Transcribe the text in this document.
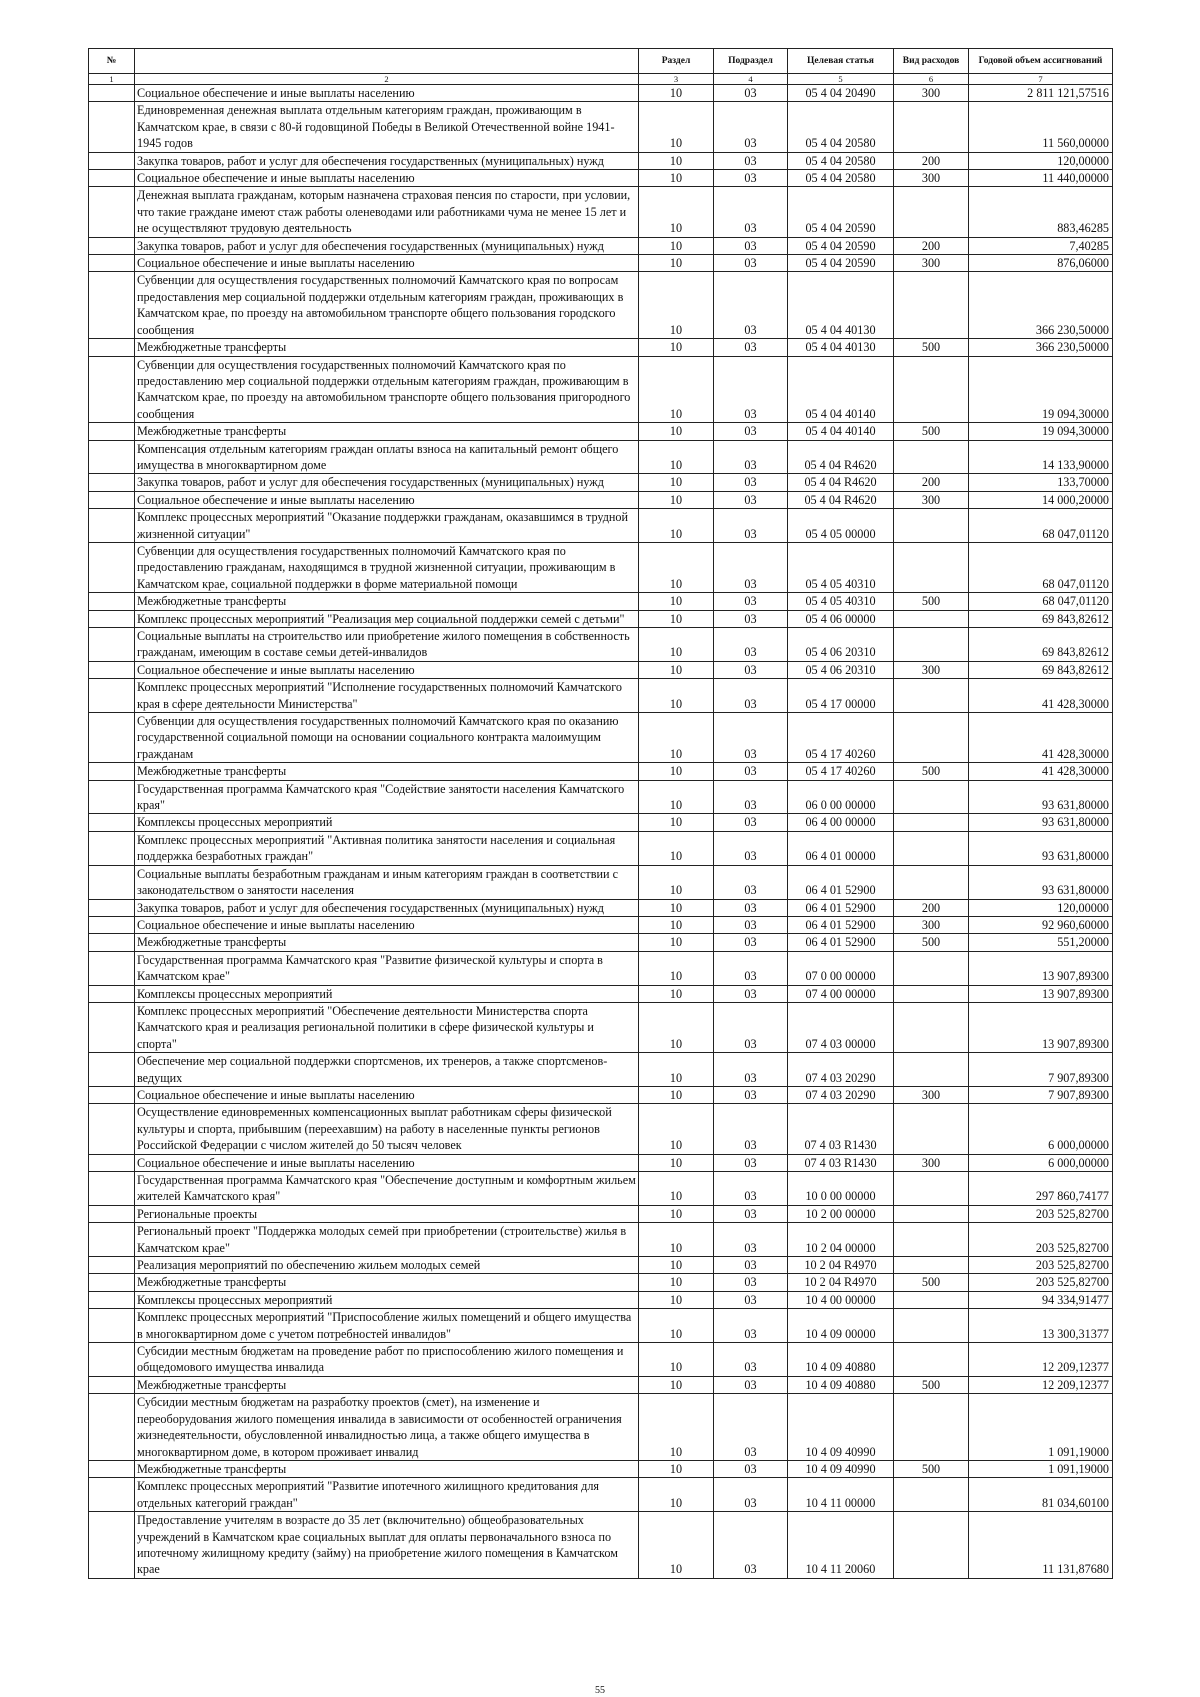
№		Раздел	Подраздел	Целевая статья	Вид расходов	Годовой объем ассигнований
1	2	3	4	5	6	7
	Социальное обеспечение и иные выплаты населению	10	03	05 4 04 20490	300	2 811 121,57516
	Единовременная денежная выплата отдельным категориям граждан, проживающим в Камчатском крае, в связи с 80-й годовщиной Победы в Великой Отечественной войне 1941-1945 годов	10	03	05 4 04 20580		11 560,00000
	Закупка товаров, работ и услуг для обеспечения государственных (муниципальных) нужд	10	03	05 4 04 20580	200	120,00000
	Социальное обеспечение и иные выплаты населению	10	03	05 4 04 20580	300	11 440,00000
	Денежная выплата гражданам, которым назначена страховая пенсия по старости, при условии, что такие граждане имеют стаж работы оленеводами или работниками чума не менее 15 лет и не осуществляют трудовую деятельность	10	03	05 4 04 20590		883,46285
	Закупка товаров, работ и услуг для обеспечения государственных (муниципальных) нужд	10	03	05 4 04 20590	200	7,40285
	Социальное обеспечение и иные выплаты населению	10	03	05 4 04 20590	300	876,06000
	Субвенции для осуществления государственных полномочий Камчатского края по вопросам предоставления мер социальной поддержки отдельным категориям граждан, проживающих в Камчатском крае, по проезду на автомобильном транспорте общего пользования городского сообщения	10	03	05 4 04 40130		366 230,50000
	Межбюджетные трансферты	10	03	05 4 04 40130	500	366 230,50000
	Субвенции для осуществления государственных полномочий Камчатского края по предоставлению мер социальной поддержки отдельным категориям граждан, проживающим в Камчатском крае, по проезду на автомобильном транспорте общего пользования пригородного сообщения	10	03	05 4 04 40140		19 094,30000
	Межбюджетные трансферты	10	03	05 4 04 40140	500	19 094,30000
	Компенсация отдельным категориям граждан оплаты взноса на капитальный ремонт общего имущества в многоквартирном доме	10	03	05 4 04 R4620		14 133,90000
	Закупка товаров, работ и услуг для обеспечения государственных (муниципальных) нужд	10	03	05 4 04 R4620	200	133,70000
	Социальное обеспечение и иные выплаты населению	10	03	05 4 04 R4620	300	14 000,20000
	Комплекс процессных мероприятий "Оказание поддержки гражданам, оказавшимся в трудной жизненной ситуации"	10	03	05 4 05 00000		68 047,01120
	Субвенции для осуществления государственных полномочий Камчатского края по предоставлению гражданам, находящимся в трудной жизненной ситуации, проживающим в Камчатском крае, социальной поддержки в форме материальной помощи	10	03	05 4 05 40310		68 047,01120
	Межбюджетные трансферты	10	03	05 4 05 40310	500	68 047,01120
	Комплекс процессных мероприятий "Реализация мер социальной поддержки семей с детьми"	10	03	05 4 06 00000		69 843,82612
	Социальные выплаты на строительство или приобретение жилого помещения в собственность гражданам, имеющим в составе семьи детей-инвалидов	10	03	05 4 06 20310		69 843,82612
	Социальное обеспечение и иные выплаты населению	10	03	05 4 06 20310	300	69 843,82612
	Комплекс процессных мероприятий "Исполнение государственных полномочий Камчатского края в сфере деятельности Министерства"	10	03	05 4 17 00000		41 428,30000
	Субвенции для осуществления государственных полномочий Камчатского края по оказанию государственной социальной помощи на основании социального контракта малоимущим гражданам	10	03	05 4 17 40260		41 428,30000
	Межбюджетные трансферты	10	03	05 4 17 40260	500	41 428,30000
	Государственная программа Камчатского края "Содействие занятости населения Камчатского края"	10	03	06 0 00 00000		93 631,80000
	Комплексы процессных мероприятий	10	03	06 4 00 00000		93 631,80000
	Комплекс процессных мероприятий "Активная политика занятости населения и социальная поддержка безработных граждан"	10	03	06 4 01 00000		93 631,80000
	Социальные выплаты безработным гражданам и иным категориям граждан в соответствии с законодательством о занятости населения	10	03	06 4 01 52900		93 631,80000
	Закупка товаров, работ и услуг для обеспечения государственных (муниципальных) нужд	10	03	06 4 01 52900	200	120,00000
	Социальное обеспечение и иные выплаты населению	10	03	06 4 01 52900	300	92 960,60000
	Межбюджетные трансферты	10	03	06 4 01 52900	500	551,20000
	Государственная программа Камчатского края "Развитие физической культуры и спорта в Камчатском крае"	10	03	07 0 00 00000		13 907,89300
	Комплексы процессных мероприятий	10	03	07 4 00 00000		13 907,89300
	Комплекс процессных мероприятий "Обеспечение деятельности Министерства спорта Камчатского края и реализация региональной политики в сфере физической культуры и спорта"	10	03	07 4 03 00000		13 907,89300
	Обеспечение мер социальной поддержки спортсменов, их тренеров, а также спортсменов-ведущих	10	03	07 4 03 20290		7 907,89300
	Социальное обеспечение и иные выплаты населению	10	03	07 4 03 20290	300	7 907,89300
	Осуществление единовременных компенсационных выплат работникам сферы физической культуры и спорта, прибывшим (переехавшим) на работу в населенные пункты регионов Российской Федерации с числом жителей до 50 тысяч человек	10	03	07 4 03 R1430		6 000,00000
	Социальное обеспечение и иные выплаты населению	10	03	07 4 03 R1430	300	6 000,00000
	Государственная программа Камчатского края "Обеспечение доступным и комфортным жильем жителей Камчатского края"	10	03	10 0 00 00000		297 860,74177
	Региональные проекты	10	03	10 2 00 00000		203 525,82700
	Региональный проект "Поддержка молодых семей при приобретении (строительстве) жилья в Камчатском крае"	10	03	10 2 04 00000		203 525,82700
	Реализация мероприятий по обеспечению жильем молодых семей	10	03	10 2 04 R4970		203 525,82700
	Межбюджетные трансферты	10	03	10 2 04 R4970	500	203 525,82700
	Комплексы процессных мероприятий	10	03	10 4 00 00000		94 334,91477
	Комплекс процессных мероприятий "Приспособление жилых помещений и общего имущества в многоквартирном доме с учетом потребностей инвалидов"	10	03	10 4 09 00000		13 300,31377
	Субсидии местным бюджетам на проведение работ по приспособлению жилого помещения и общедомового имущества инвалида	10	03	10 4 09 40880		12 209,12377
	Межбюджетные трансферты	10	03	10 4 09 40880	500	12 209,12377
	Субсидии местным бюджетам на разработку проектов (смет), на изменение и переоборудования жилого помещения инвалида в зависимости от особенностей ограничения жизнедеятельности, обусловленной инвалидностью лица, а также общего имущества в многоквартирном доме, в котором проживает инвалид	10	03	10 4 09 40990		1 091,19000
	Межбюджетные трансферты	10	03	10 4 09 40990	500	1 091,19000
	Комплекс процессных мероприятий "Развитие ипотечного жилищного кредитования для отдельных категорий граждан"	10	03	10 4 11 00000		81 034,60100
	Предоставление учителям в возрасте до 35 лет (включительно) общеобразовательных учреждений в Камчатском крае социальных выплат для оплаты первоначального взноса по ипотечному жилищному кредиту (займу) на приобретение жилого помещения в Камчатском крае	10	03	10 4 11 20060		11 131,87680
55
